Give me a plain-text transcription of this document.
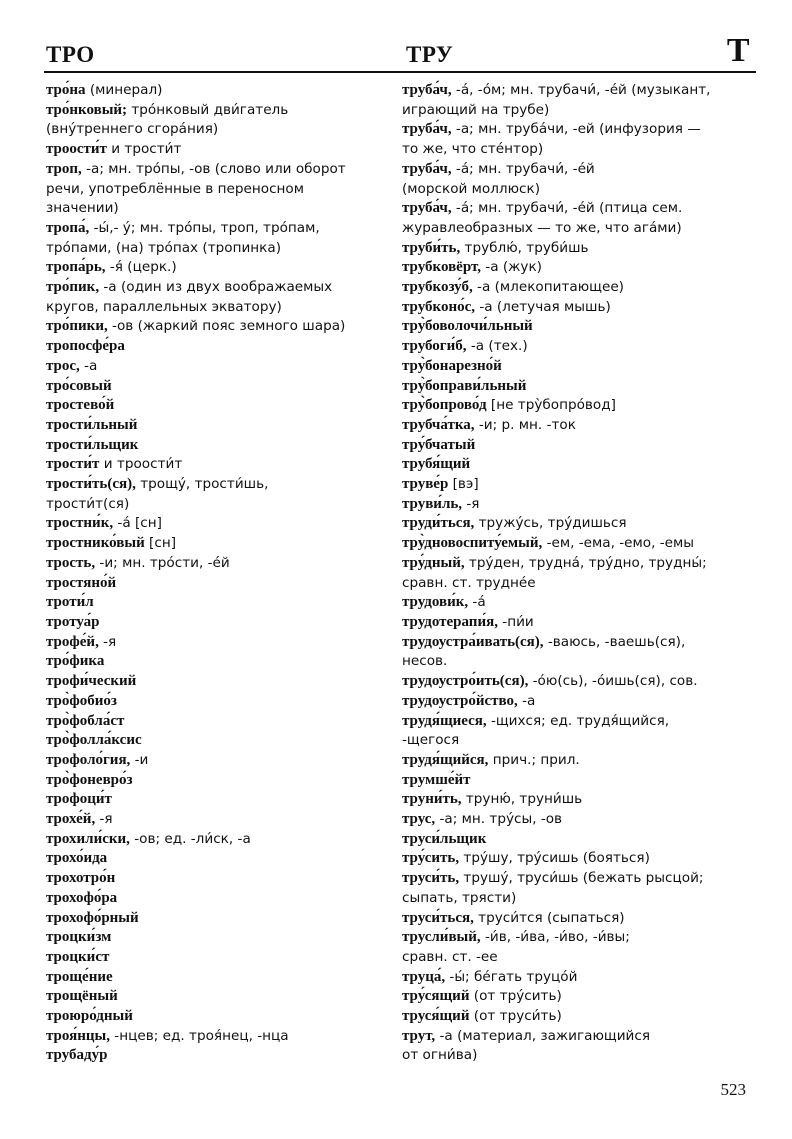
ТРО	ТРУ	Т
тро́на (минерал)
тро́нковый; тро́нковый дви́гатель
(вну́треннего сгора́ния)
троости́т и трости́т
троп, -а; мн. тро́пы, -ов (слово или оборот
речи, употреблённые в переносном
значении)
тропа́, -ы́,- у́; мн. тро́пы, троп, тро́пам,
тро́пами, (на) тро́пах (тропинка)
тропа́рь, -я́ (церк.)
тро́пик, -а (один из двух воображаемых
кругов, параллельных экватору)
тро́пики, -ов (жаркий пояс земного шара)
тропосфе́ра
трос, -а
тро́совый
тростево́й
трости́льный
трости́льщик
трости́т и троости́т
трости́ть(ся), трощу́, трости́шь,
трости́т(ся)
тростни́к, -а́ [сн]
тростнико́вый [сн]
трость, -и; мн. тро́сти, -е́й
тростяно́й
троти́л
тротуа́р
трофе́й, -я
тро́фика
трофи́ческий
тро̀фобио́з
тро̀фобла́ст
тро̀фолла́ксис
трофоло́гия, -и
тро̀фоневро́з
трофоци́т
трохе́й, -я
трохили́ски, -ов; ед. -ли́ск, -а
трохо́ида
трохотро́н
трохофо́ра
трохофо́рный
троцки́зм
троцки́ст
троще́ние
трощёный
троюро́дный
троя́нцы, -нцев; ед. троя́нец, -нца
трубаду́р
труба́ч, -а́, -о́м; мн. трубачи́, -е́й (музыкант,
играющий на трубе)
труба́ч, -а; мн. труба́чи, -ей (инфузория —
то же, что сте́нтор)
труба́ч, -а́; мн. трубачи́, -е́й
(морской моллюск)
труба́ч, -а́; мн. трубачи́, -е́й (птица сем.
журавлеобразных — то же, что ага́ми)
труби́ть, трублю́, труби́шь
трубковёрт, -а (жук)
трубкозу́б, -а (млекопитающее)
трубконо́с, -а (летучая мышь)
тру̀боволочи́льный
трубоги́б, -а (тех.)
тру̀бонарезно́й
тру̀боправи́льный
тру̀бопрово́д [не тру̀бопро́вод]
трубча́тка, -и; р. мн. -ток
тру́бчатый
трубя́щий
труве́р [вэ]
труви́ль, -я
труди́ться, тружу́сь, тру́дишься
тру̀дновоспиту́емый, -ем, -ема, -емо, -емы
тру́дный, тру́ден, трудна́, тру́дно, трудны́;
сравн. ст. трудне́е
трудови́к, -а́
трудотерапи́я, -пи́и
трудоустра́ивать(ся), -ваюсь, -ваешь(ся),
несов.
трудоустро́ить(ся), -о́ю(сь), -о́ишь(ся), сов.
трудоустро́йство, -а
трудя́щиеся, -щихся; ед. трудя́щийся,
-щегося
трудя́щийся, прич.; прил.
трумше́йт
труни́ть, труню́, труни́шь
трус, -а; мн. тру́сы, -ов
труси́льщик
тру́сить, тру́шу, тру́сишь (бояться)
труси́ть, трушу́, труси́шь (бежать рысцой;
сыпать, трясти)
труси́ться, труси́тся (сыпаться)
трусли́вый, -и́в, -и́ва, -и́во, -и́вы;
сравн. ст. -ее
труца́, -ы́; бе́гать труцо́й
тру́сящий (от тру́сить)
труся́щий (от труси́ть)
трут, -а (материал, зажигающийся
от огни́ва)
523
